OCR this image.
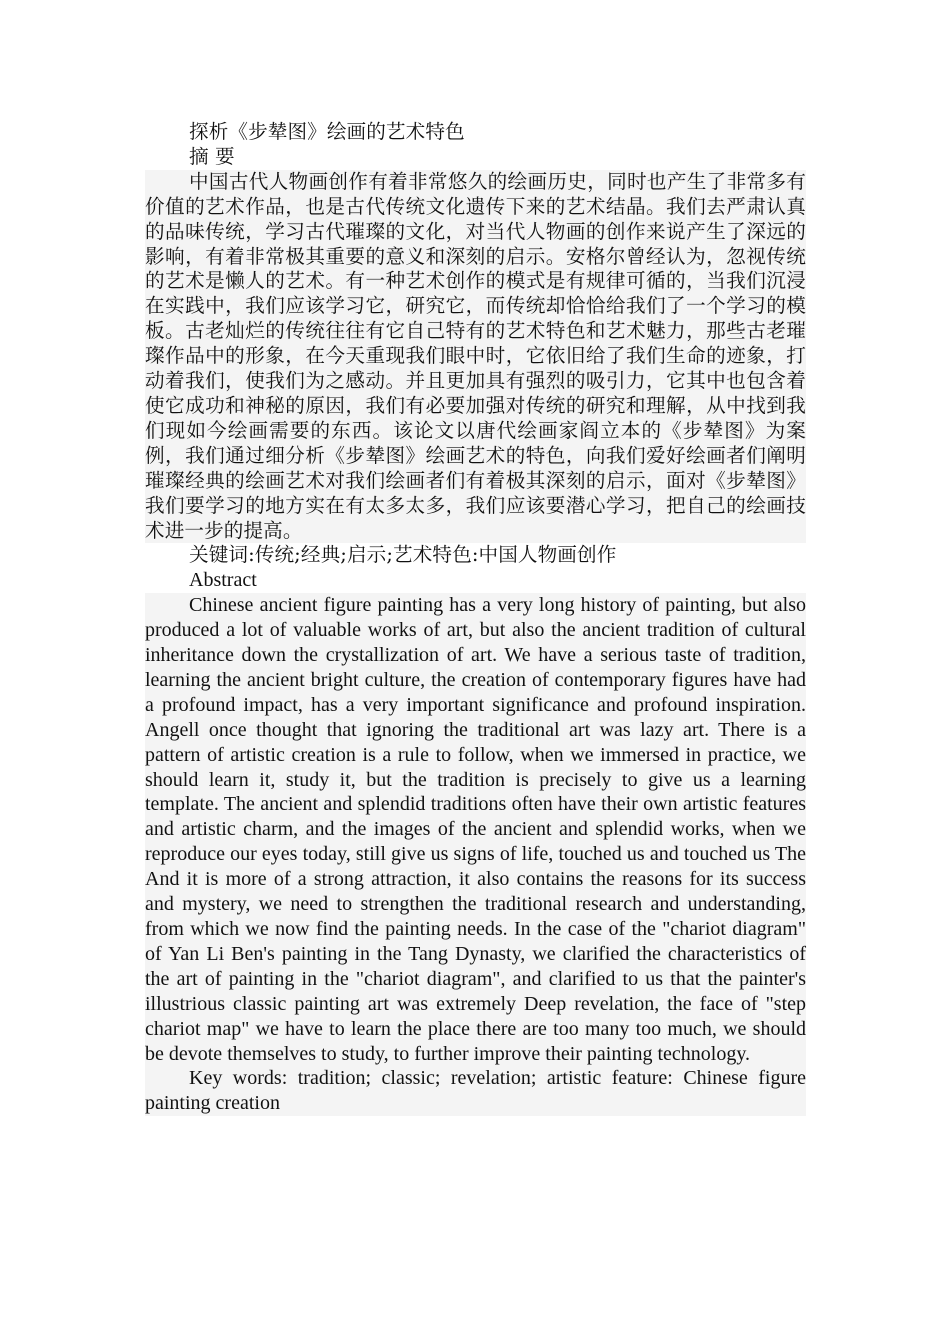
探析《步辇图》绘画的艺术特色

摘 要

中国古代人物画创作有着非常悠久的绘画历史，同时也产生了非常多有价值的艺术作品，也是古代传统文化遗传下来的艺术结晶。我们去严肃认真的品味传统，学习古代璀璨的文化，对当代人物画的创作来说产生了深远的影响，有着非常极其重要的意义和深刻的启示。安格尔曾经认为，忽视传统的艺术是懒人的艺术。有一种艺术创作的模式是有规律可循的，当我们沉浸在实践中，我们应该学习它，研究它，而传统却恰恰给我们了一个学习的模板。古老灿烂的传统往往有它自己特有的艺术特色和艺术魅力，那些古老璀璨作品中的形象，在今天重现我们眼中时，它依旧给了我们生命的迹象，打动着我们，使我们为之感动。并且更加具有强烈的吸引力，它其中也包含着使它成功和神秘的原因，我们有必要加强对传统的研究和理解，从中找到我们现如今绘画需要的东西。该论文以唐代绘画家阎立本的《步辇图》为案例，我们通过细分析《步辇图》绘画艺术的特色，向我们爱好绘画者们阐明璀璨经典的绘画艺术对我们绘画者们有着极其深刻的启示，面对《步辇图》我们要学习的地方实在有太多太多，我们应该要潜心学习，把自己的绘画技术进一步的提高。

关键词:传统;经典;启示;艺术特色:中国人物画创作

Abstract

Chinese ancient figure painting has a very long history of painting, but also produced a lot of valuable works of art, but also the ancient tradition of cultural inheritance down the crystallization of art. We have a serious taste of tradition, learning the ancient bright culture, the creation of contemporary figures have had a profound impact, has a very important significance and profound inspiration. Angell once thought that ignoring the traditional art was lazy art. There is a pattern of artistic creation is a rule to follow, when we immersed in practice, we should learn it, study it, but the tradition is precisely to give us a learning template. The ancient and splendid traditions often have their own artistic features and artistic charm, and the images of the ancient and splendid works, when we reproduce our eyes today, still give us signs of life, touched us and touched us The And it is more of a strong attraction, it also contains the reasons for its success and mystery, we need to strengthen the traditional research and understanding, from which we now find the painting needs. In the case of the "chariot diagram" of Yan Li Ben's painting in the Tang Dynasty, we clarified the characteristics of the art of painting in the "chariot diagram", and clarified to us that the painter's illustrious classic painting art was extremely Deep revelation, the face of "step chariot map" we have to learn the place there are too many too much, we should be devote themselves to study, to further improve their painting technology.

Key words: tradition; classic; revelation; artistic feature: Chinese figure painting creation
